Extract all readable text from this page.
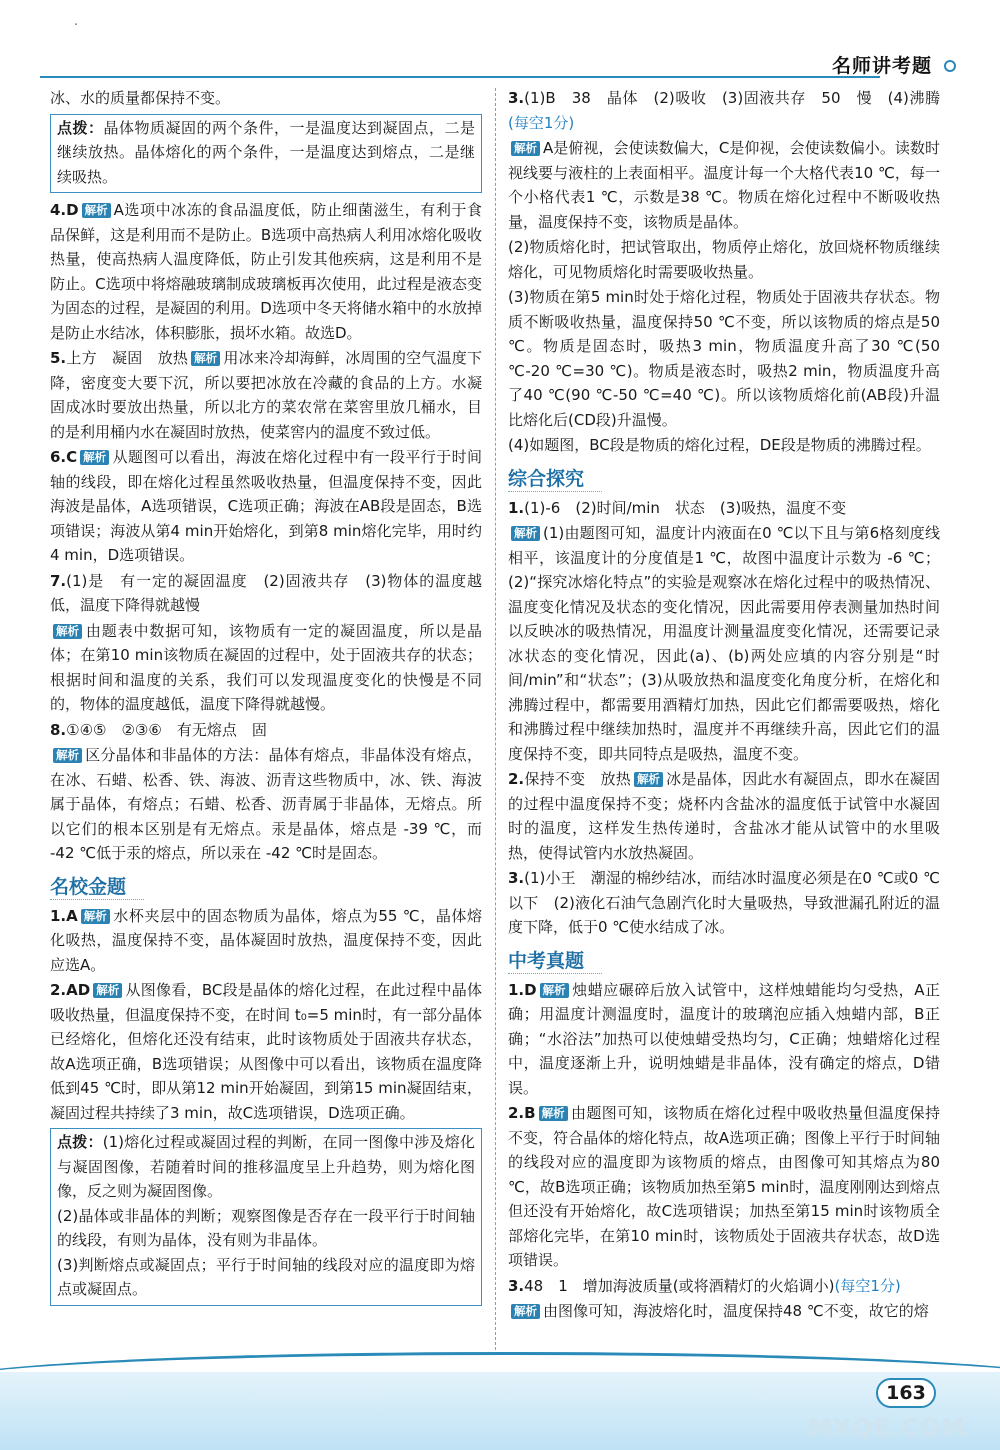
·
名师讲考题

冰、水的质量都保持不变。

点拨：晶体物质凝固的两个条件，一是温度达到凝固点，二是继续放热。晶体熔化的两个条件，一是温度达到熔点，二是继续吸热。

4.D 解析 A选项中冰冻的食品温度低，防止细菌滋生，有利于食品保鲜，这是利用而不是防止。B选项中高热病人利用冰熔化吸收热量，使高热病人温度降低，防止引发其他疾病，这是利用不是防止。C选项中将熔融玻璃制成玻璃板再次使用，此过程是液态变为固态的过程，是凝固的利用。D选项中冬天将储水箱中的水放掉是防止水结冰，体积膨胀，损坏水箱。故选D。

5.上方　凝固　放热 解析 用冰来冷却海鲜，冰周围的空气温度下降，密度变大要下沉，所以要把冰放在冷藏的食品的上方。水凝固成冰时要放出热量，所以北方的菜农常在菜窖里放几桶水，目的是利用桶内水在凝固时放热，使菜窖内的温度不致过低。

6.C 解析 从题图可以看出，海波在熔化过程中有一段平行于时间轴的线段，即在熔化过程虽然吸收热量，但温度保持不变，因此海波是晶体，A选项错误，C选项正确；海波在AB段是固态，B选项错误；海波从第4 min开始熔化，到第8 min熔化完毕，用时约4 min，D选项错误。

7.(1)是　有一定的凝固温度　(2)固液共存　(3)物体的温度越低，温度下降得就越慢

解析 由题表中数据可知，该物质有一定的凝固温度，所以是晶体；在第10 min该物质在凝固的过程中，处于固液共存的状态；根据时间和温度的关系，我们可以发现温度变化的快慢是不同的，物体的温度越低，温度下降得就越慢。

8.①④⑤　②③⑥　有无熔点　固

解析 区分晶体和非晶体的方法：晶体有熔点，非晶体没有熔点，在冰、石蜡、松香、铁、海波、沥青这些物质中，冰、铁、海波属于晶体，有熔点；石蜡、松香、沥青属于非晶体，无熔点。所以它们的根本区别是有无熔点。汞是晶体，熔点是 -39 ℃，而 -42 ℃低于汞的熔点，所以汞在 -42 ℃时是固态。

名校金题

1.A 解析 水杯夹层中的固态物质为晶体，熔点为55 ℃，晶体熔化吸热，温度保持不变，晶体凝固时放热，温度保持不变，因此应选A。

2.AD 解析 从图像看，BC段是晶体的熔化过程，在此过程中晶体吸收热量，但温度保持不变，在时间 t₀=5 min时，有一部分晶体已经熔化，但熔化还没有结束，此时该物质处于固液共存状态，故A选项正确，B选项错误；从图像中可以看出，该物质在温度降低到45 ℃时，即从第12 min开始凝固，到第15 min凝固结束，凝固过程共持续了3 min，故C选项错误，D选项正确。

点拨：(1)熔化过程或凝固过程的判断，在同一图像中涉及熔化与凝固图像，若随着时间的推移温度呈上升趋势，则为熔化图像，反之则为凝固图像。

(2)晶体或非晶体的判断；观察图像是否存在一段平行于时间轴的线段，有则为晶体，没有则为非晶体。

(3)判断熔点或凝固点；平行于时间轴的线段对应的温度即为熔点或凝固点。

3.(1)B　38　晶体　(2)吸收　(3)固液共存　50　慢　(4)沸腾(每空1分)

解析 A是俯视，会使读数偏大，C是仰视，会使读数偏小。读数时视线要与液柱的上表面相平。温度计每一个大格代表10 ℃，每一个小格代表1 ℃，示数是38 ℃。物质在熔化过程中不断吸收热量，温度保持不变，该物质是晶体。

(2)物质熔化时，把试管取出，物质停止熔化，放回烧杯物质继续熔化，可见物质熔化时需要吸收热量。

(3)物质在第5 min时处于熔化过程，物质处于固液共存状态。物质不断吸收热量，温度保持50 ℃不变，所以该物质的熔点是50 ℃。物质是固态时，吸热3 min，物质温度升高了30 ℃(50 ℃-20 ℃=30 ℃)。物质是液态时，吸热2 min，物质温度升高了40 ℃(90 ℃-50 ℃=40 ℃)。所以该物质熔化前(AB段)升温比熔化后(CD段)升温慢。

(4)如题图，BC段是物质的熔化过程，DE段是物质的沸腾过程。

综合探究

1.(1)-6　(2)时间/min　状态　(3)吸热，温度不变

解析 (1)由题图可知，温度计内液面在0 ℃以下且与第6格刻度线相平，该温度计的分度值是1 ℃，故图中温度计示数为 -6 ℃；(2)“探究冰熔化特点”的实验是观察冰在熔化过程中的吸热情况、温度变化情况及状态的变化情况，因此需要用停表测量加热时间以反映冰的吸热情况，用温度计测量温度变化情况，还需要记录冰状态的变化情况，因此(a)、(b)两处应填的内容分别是“时间/min”和“状态”；(3)从吸放热和温度变化角度分析，在熔化和沸腾过程中，都需要用酒精灯加热，因此它们都需要吸热，熔化和沸腾过程中继续加热时，温度并不再继续升高，因此它们的温度保持不变，即共同特点是吸热，温度不变。

2.保持不变　放热 解析 冰是晶体，因此水有凝固点，即水在凝固的过程中温度保持不变；烧杯内含盐冰的温度低于试管中水凝固时的温度，这样发生热传递时，含盐冰才能从试管中的水里吸热，使得试管内水放热凝固。

3.(1)小王　潮湿的棉纱结冰，而结冰时温度必须是在0 ℃或0 ℃以下　(2)液化石油气急剧汽化时大量吸热，导致泄漏孔附近的温度下降，低于0 ℃使水结成了冰。

中考真题

1.D 解析 烛蜡应碾碎后放入试管中，这样烛蜡能均匀受热，A正确；用温度计测温度时，温度计的玻璃泡应插入烛蜡内部，B正确；“水浴法”加热可以使烛蜡受热均匀，C正确；烛蜡熔化过程中，温度逐渐上升，说明烛蜡是非晶体，没有确定的熔点，D错误。

2.B 解析 由题图可知，该物质在熔化过程中吸收热量但温度保持不变，符合晶体的熔化特点，故A选项正确；图像上平行于时间轴的线段对应的温度即为该物质的熔点，由图像可知其熔点为80 ℃，故B选项正确；该物质加热至第5 min时，温度刚刚达到熔点但还没有开始熔化，故C选项错误；加热至第15 min时该物质全部熔化完毕，在第10 min时，该物质处于固液共存状态，故D选项错误。

3.48　1　增加海波质量(或将酒精灯的火焰调小)(每空1分)

解析 由图像可知，海波熔化时，温度保持48 ℃不变，故它的熔

163
MXQE.COM
